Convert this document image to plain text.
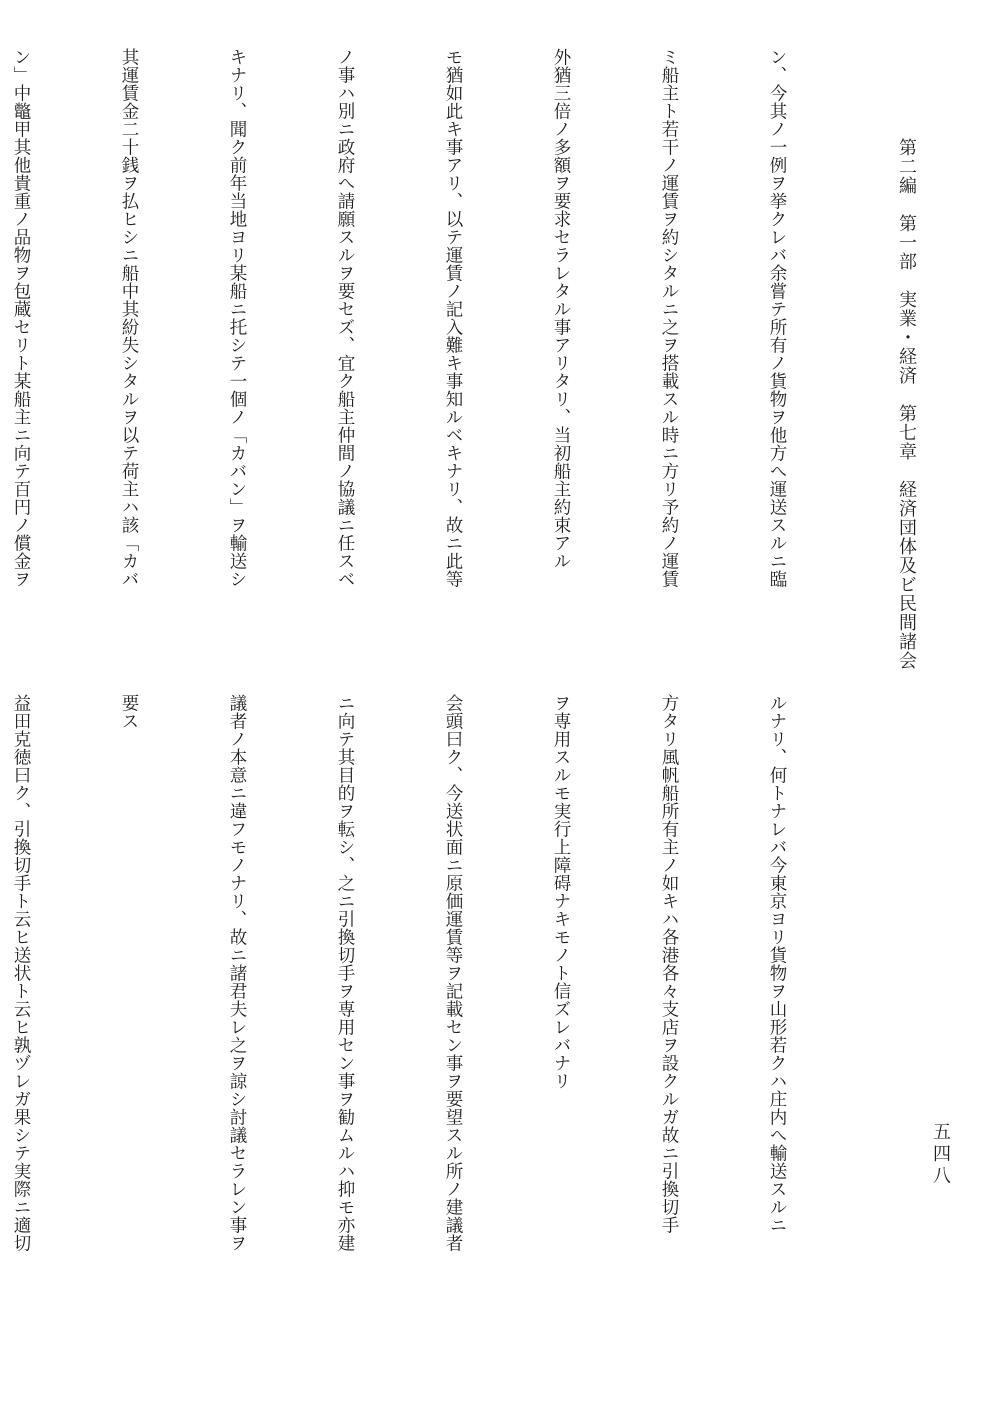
第二編　第一部　実業・経済　第七章　経済団体及ビ民間諸会
五四八

ン、今其ノ一例ヲ挙クレバ余嘗テ所有ノ貨物ヲ他方へ運送スルニ臨

ミ船主ト若干ノ運賃ヲ約シタルニ之ヲ搭載スル時ニ方リ予約ノ運賃

外猶三倍ノ多額ヲ要求セラレタル事アリタリ、当初船主約束アル

モ猶如此キ事アリ、以テ運賃ノ記入難キ事知ルベキナリ、故ニ此等

ノ事ハ別ニ政府へ請願スルヲ要セズ、宜ク船主仲間ノ協議ニ任スベ

キナリ、聞ク前年当地ヨリ某船ニ托シテ一個ノ「カバン」ヲ輸送シ

其運賃金二十銭ヲ払ヒシニ船中其紛失シタルヲ以テ荷主ハ該「カバ

ン」中鼈甲其他貴重ノ品物ヲ包蔵セリト某船主ニ向テ百円ノ償金ヲ

ルナリ、何トナレバ今東京ヨリ貨物ヲ山形若クハ庄内へ輸送スルニ

方タリ風帆船所有主ノ如キハ各港各々支店ヲ設クルガ故ニ引換切手

ヲ専用スルモ実行上障碍ナキモノト信ズレバナリ

会頭曰ク、今送状面ニ原価運賃等ヲ記載セン事ヲ要望スル所ノ建議者

ニ向テ其目的ヲ転シ、之ニ引換切手ヲ専用セン事ヲ勧ムルハ抑モ亦建

議者ノ本意ニ違フモノナリ、故ニ諸君夫レ之ヲ諒シ討議セラレン事ヲ

要ス

益田克徳曰ク、引換切手ト云ヒ送状ト云ヒ孰ヅレガ果シテ実際ニ適切
